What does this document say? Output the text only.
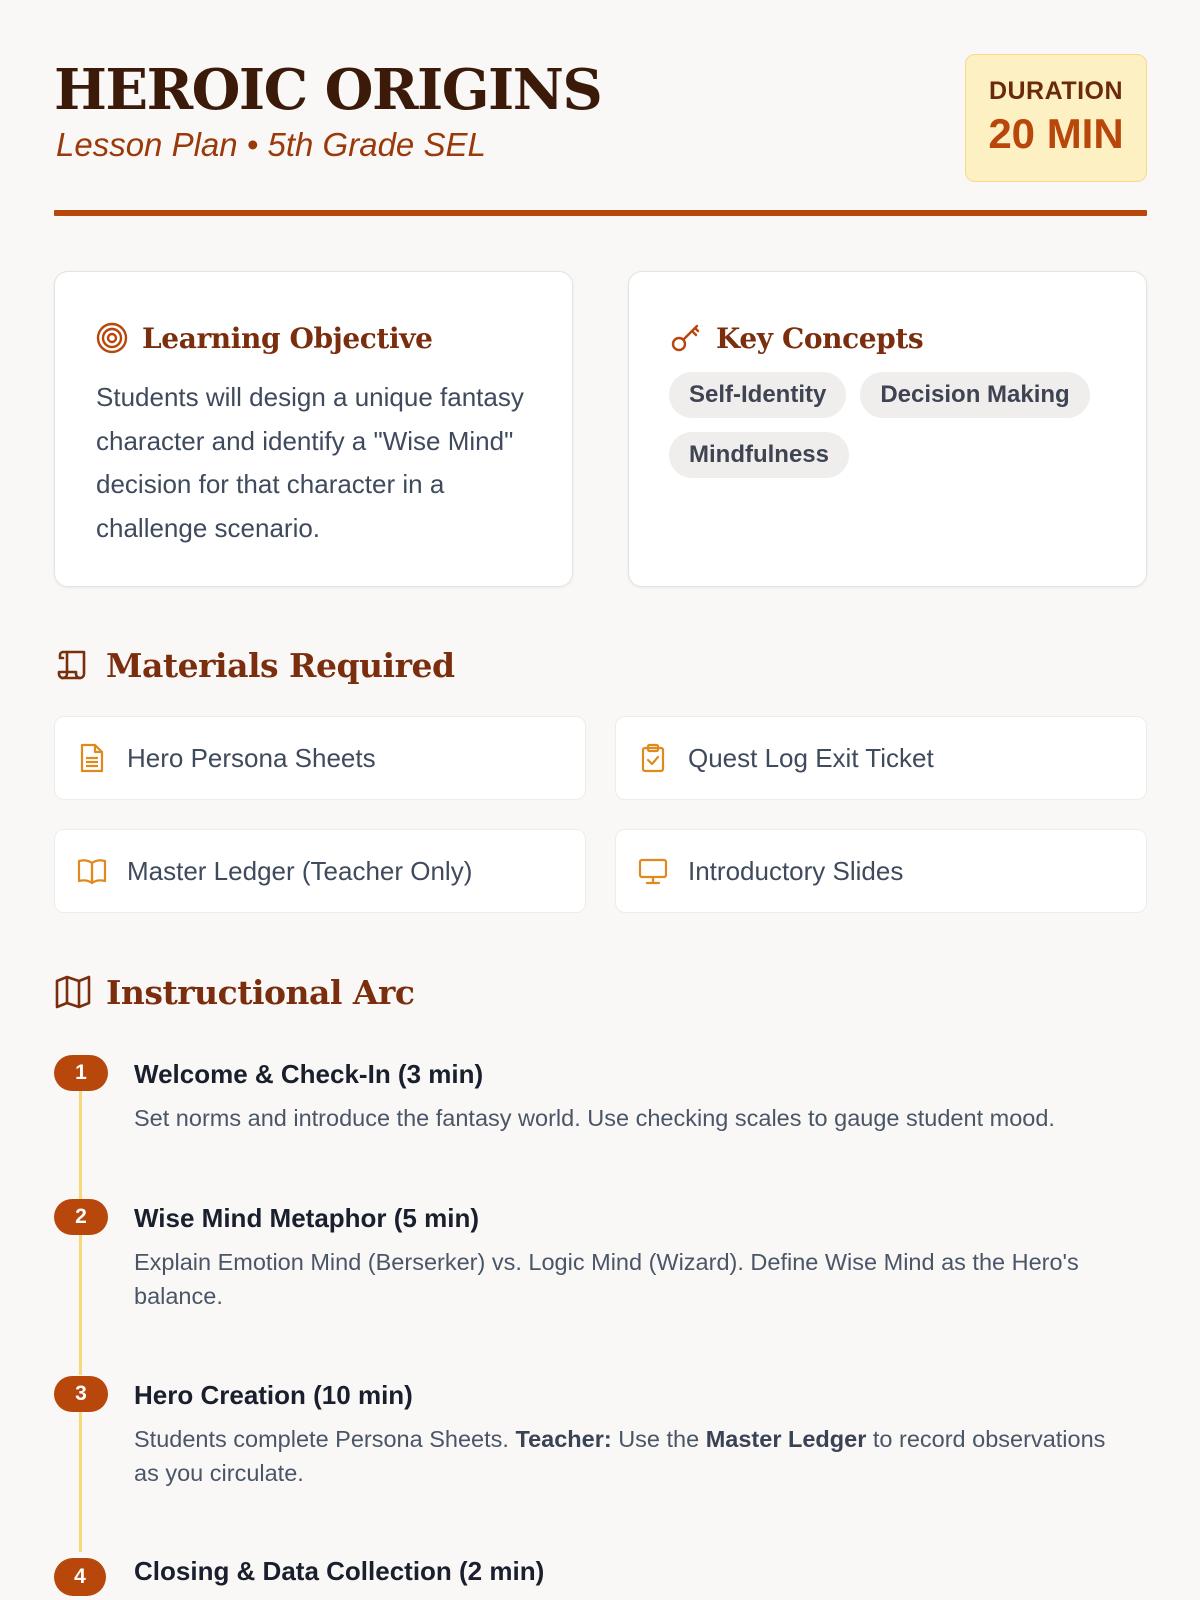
HEROIC ORIGINS
Lesson Plan • 5th Grade SEL
DURATION
20 MIN
Learning Objective
Students will design a unique fantasy character and identify a "Wise Mind" decision for that character in a challenge scenario.
Key Concepts
Self-Identity	Decision Making
Mindfulness
Materials Required
Hero Persona Sheets	Quest Log Exit Ticket
Master Ledger (Teacher Only)	Introductory Slides
Instructional Arc
1	Welcome & Check-In (3 min)
Set norms and introduce the fantasy world. Use checking scales to gauge student mood.
2	Wise Mind Metaphor (5 min)
Explain Emotion Mind (Berserker) vs. Logic Mind (Wizard). Define Wise Mind as the Hero's balance.
3	Hero Creation (10 min)
Students complete Persona Sheets. Teacher: Use the Master Ledger to record observations as you circulate.
4	Closing & Data Collection (2 min)
